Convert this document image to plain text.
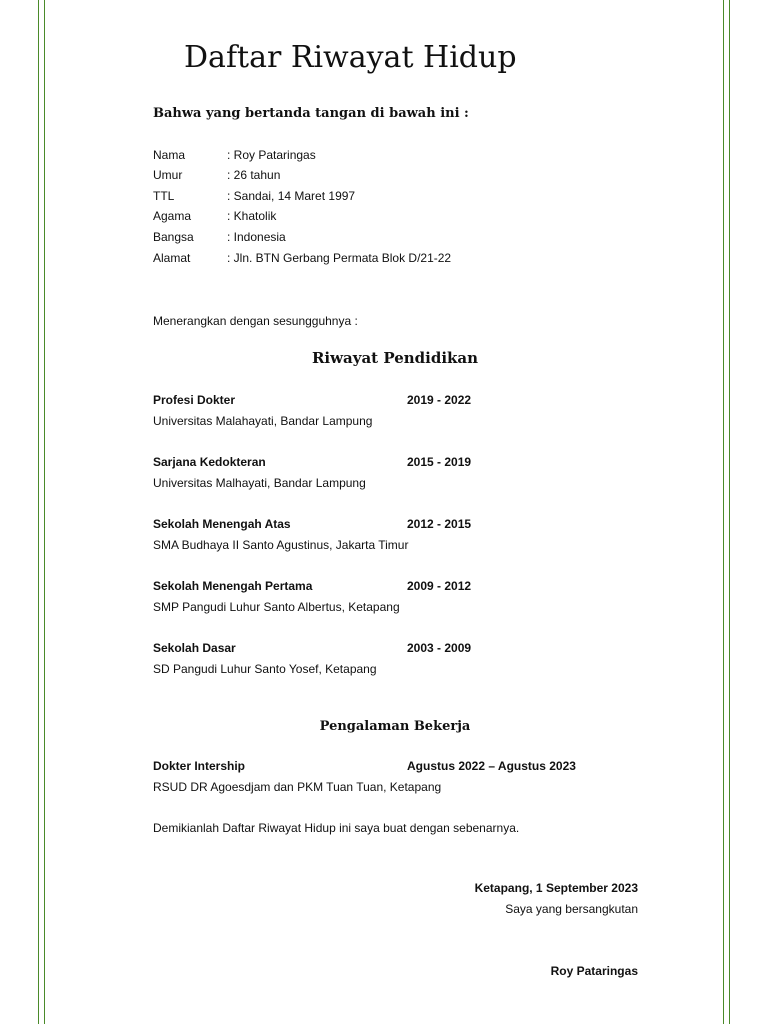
Daftar Riwayat Hidup
Bahwa yang bertanda tangan di bawah ini :
Nama	: Roy Pataringas
Umur	: 26 tahun
TTL	: Sandai, 14 Maret 1997
Agama	: Khatolik
Bangsa	: Indonesia
Alamat	: Jln. BTN Gerbang Permata Blok D/21-22
Menerangkan dengan sesungguhnya :
Riwayat Pendidikan
Profesi Dokter	2019 - 2022
Universitas Malahayati, Bandar Lampung
Sarjana Kedokteran	2015 - 2019
Universitas Malhayati, Bandar Lampung
Sekolah Menengah Atas	2012 - 2015
SMA Budhaya II Santo Agustinus, Jakarta Timur
Sekolah Menengah Pertama	2009 - 2012
SMP Pangudi Luhur Santo Albertus, Ketapang
Sekolah Dasar	2003 - 2009
SD Pangudi Luhur Santo Yosef, Ketapang
Pengalaman Bekerja
Dokter Intership	Agustus 2022 – Agustus 2023
RSUD DR Agoesdjam dan PKM Tuan Tuan, Ketapang
Demikianlah Daftar Riwayat Hidup ini saya buat dengan sebenarnya.
Ketapang, 1 September 2023
Saya yang bersangkutan
Roy Pataringas
